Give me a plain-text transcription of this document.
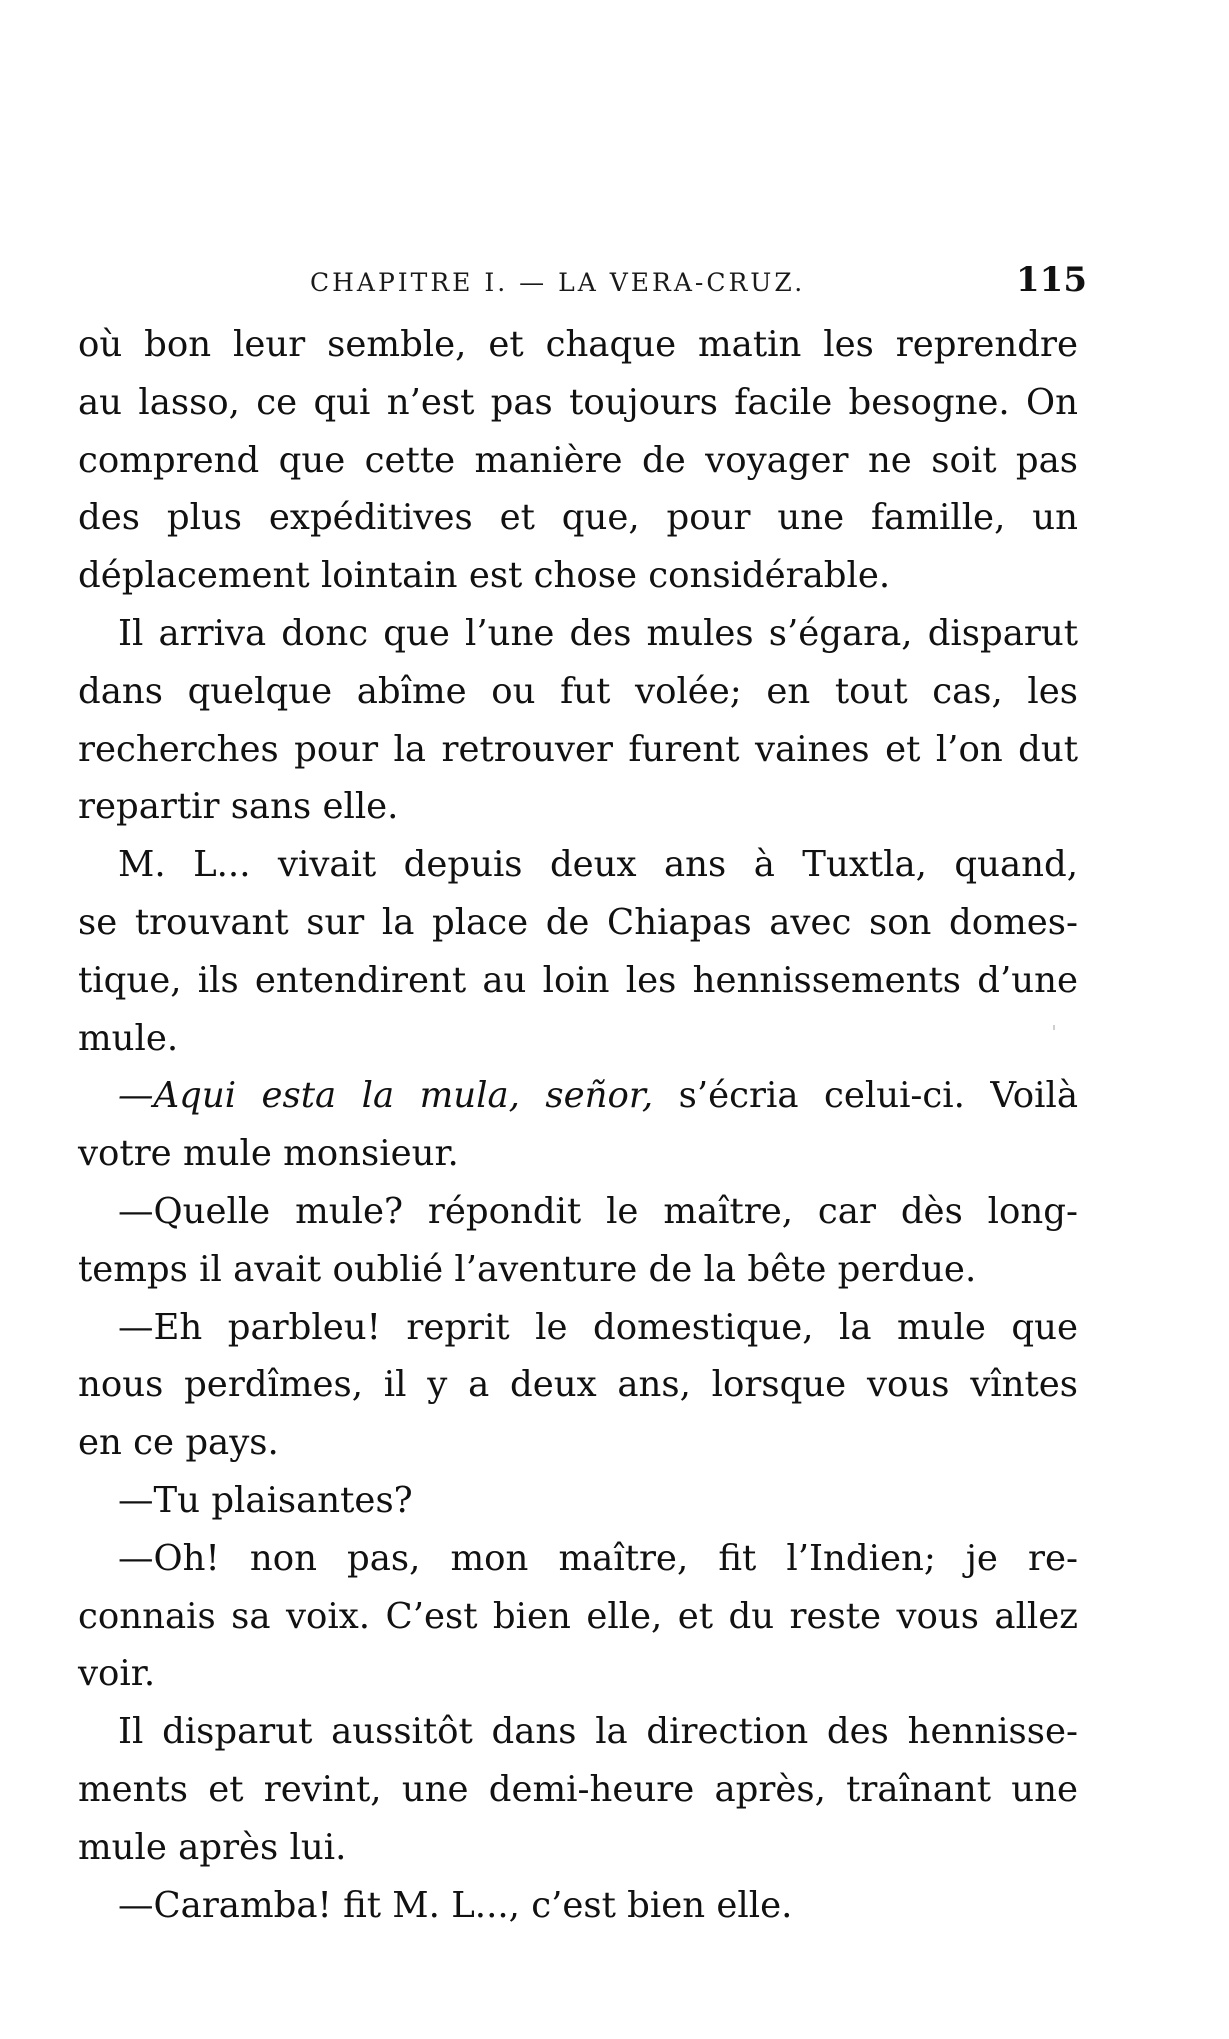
CHAPITRE I. — LA VERA-CRUZ.	115
où bon leur semble, et chaque matin les reprendre
au lasso, ce qui n’est pas toujours facile besogne. On
comprend que cette manière de voyager ne soit pas
des plus expéditives et que, pour une famille, un
déplacement lointain est chose considérable.
Il arriva donc que l’une des mules s’égara, disparut
dans quelque abîme ou fut volée; en tout cas, les
recherches pour la retrouver furent vaines et l’on dut
repartir sans elle.
M. L... vivait depuis deux ans à Tuxtla, quand,
se trouvant sur la place de Chiapas avec son domes-
tique, ils entendirent au loin les hennissements d’une
mule.
—Aqui esta la mula, señor, s’écria celui-ci. Voilà
votre mule monsieur.
—Quelle mule? répondit le maître, car dès long-
temps il avait oublié l’aventure de la bête perdue.
—Eh parbleu! reprit le domestique, la mule que
nous perdîmes, il y a deux ans, lorsque vous vîntes
en ce pays.
—Tu plaisantes?
—Oh! non pas, mon maître, fit l’Indien; je re-
connais sa voix. C’est bien elle, et du reste vous allez
voir.
Il disparut aussitôt dans la direction des hennisse-
ments et revint, une demi-heure après, traînant une
mule après lui.
—Caramba! fit M. L..., c’est bien elle.
